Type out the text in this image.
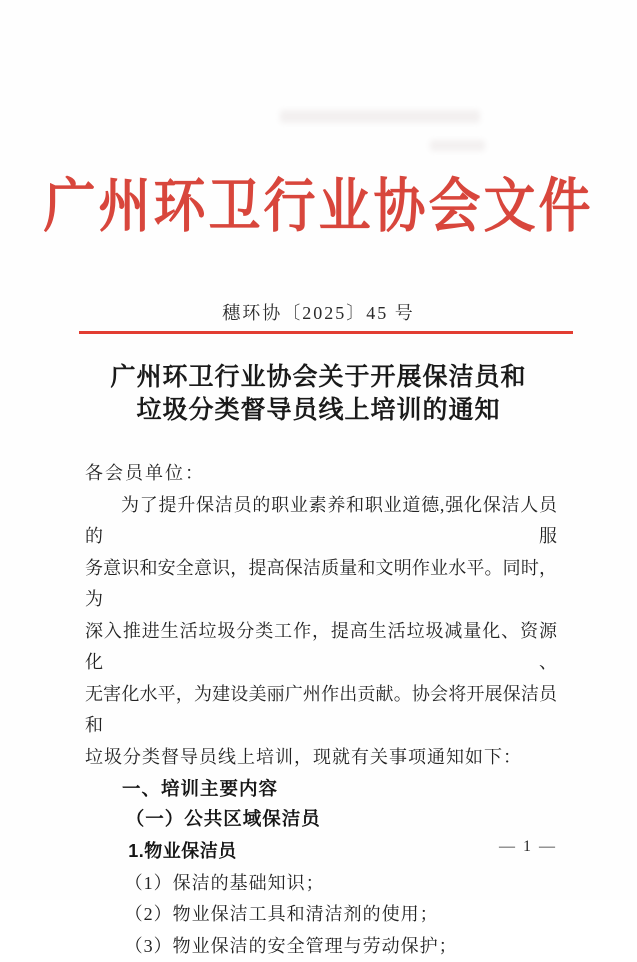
广州环卫行业协会文件
穗环协〔2025〕45 号
广州环卫行业协会关于开展保洁员和
垃圾分类督导员线上培训的通知
各会员单位：
为了提升保洁员的职业素养和职业道德,强化保洁人员的服
务意识和安全意识，提高保洁质量和文明作业水平。同时，为
深入推进生活垃圾分类工作，提高生活垃圾减量化、资源化、
无害化水平，为建设美丽广州作出贡献。协会将开展保洁员和
垃圾分类督导员线上培训，现就有关事项通知如下：
一、培训主要内容
（一）公共区域保洁员
1.物业保洁员
（1）保洁的基础知识；
（2）物业保洁工具和清洁剂的使用；
（3）物业保洁的安全管理与劳动保护；
— 1 —
